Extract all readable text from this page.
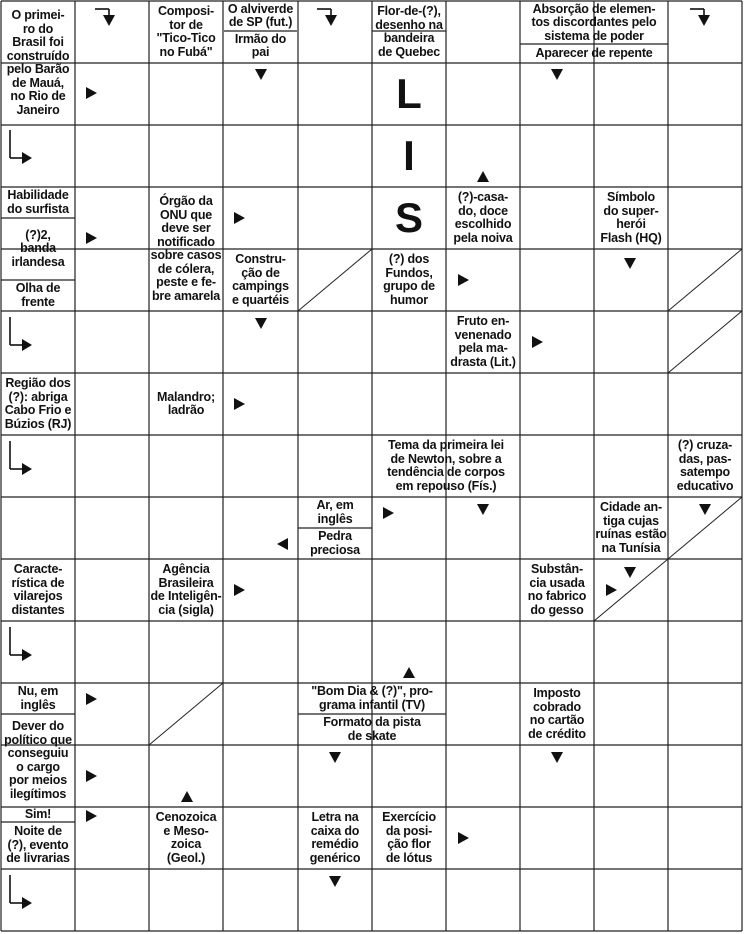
O primei-
ro do
Brasil foi
construído
pelo Barão
de Mauá,
no Rio de
Janeiro
Composi-
tor de
"Tico-Tico
no Fubá"
O alviverde
de SP (fut.)
Irmão do
pai
Flor-de-(?),
desenho na
bandeira
de Quebec
Absorção de elemen-
tos discordantes pelo
sistema de poder
Aparecer de repente
Habilidade
do surfista
(?)2,
banda
irlandesa
Olha de
frente
Órgão da
ONU que
deve ser
notificado
sobre casos
de cólera,
peste e fe-
bre amarela
Constru-
ção de
campings
e quartéis
(?) dos
Fundos,
grupo de
humor
(?)-casa-
do, doce
escolhido
pela noiva
Símbolo
do super-
herói
Flash (HQ)
Fruto en-
venenado
pela ma-
drasta (Lit.)
Região dos
(?): abriga
Cabo Frio e
Búzios (RJ)
Malandro;
ladrão
Tema da primeira lei
de Newton, sobre a
tendência de corpos
em repouso (Fís.)
(?) cruza-
das, pas-
satempo
educativo
Ar, em
inglês
Pedra
preciosa
Cidade an-
tiga cujas
ruínas estão
na Tunísia
Caracte-
rística de
vilarejos
distantes
Agência
Brasileira
de Inteligên-
cia (sigla)
Substân-
cia usada
no fabrico
do gesso
Nu, em
inglês
Dever do
político que
conseguiu
o cargo
por meios
ilegítimos
"Bom Dia & (?)", pro-
grama infantil (TV)
Formato da pista
de skate
Imposto
cobrado
no cartão
de crédito
Sim!
Noite de
(?), evento
de livrarias
Cenozoica
e Meso-
zoica
(Geol.)
Letra na
caixa do
remédio
genérico
Exercício
da posi-
ção flor
de lótus
L
I
S
